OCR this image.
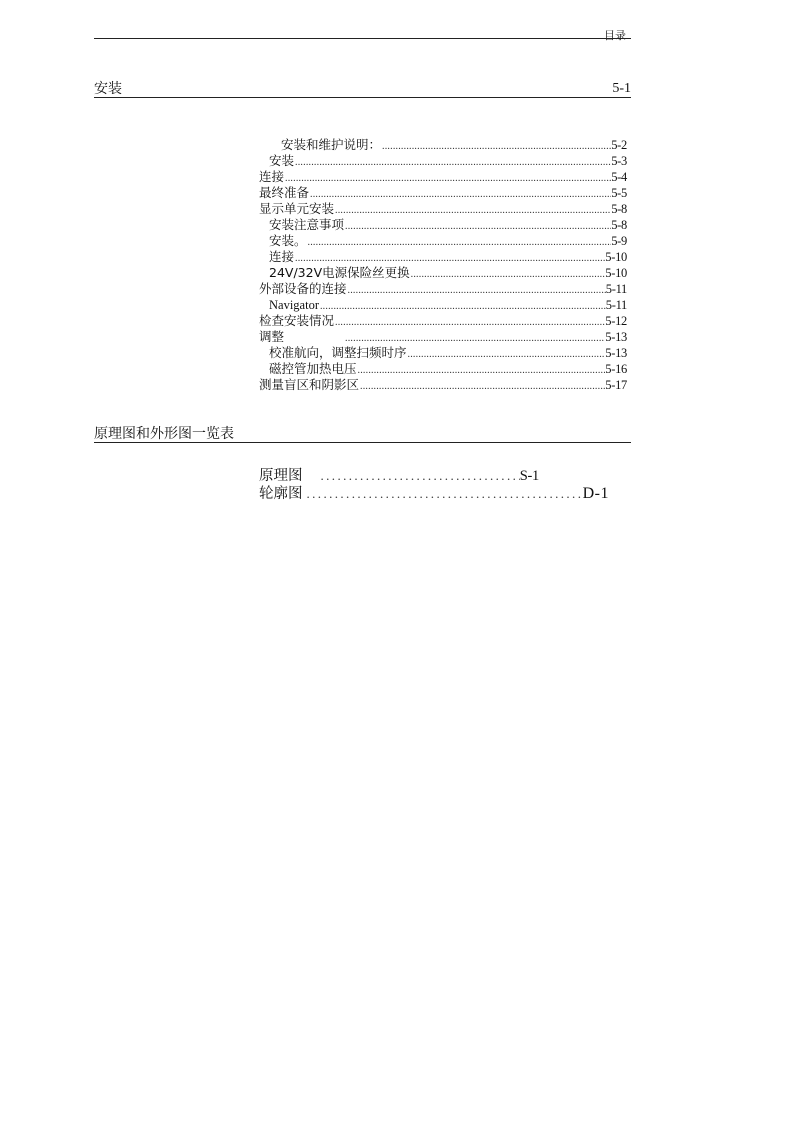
目录
安装	5-1
安装和维护说明： .....	5-2
安装 .....	5-3
连接 .....	5-4
最终准备 .....	5-5
显示单元安装 .....	5-8
安装注意事项 .....	5-8
安装。 .....	5-9
连接 .....	5-10
24V/32V电源保险丝更换 .....	5-10
外部设备的连接 .....	5-11
Navigator .....	5-11
检查安装情况 .....	5-12
调整 .....	5-13
校准航向，调整扫频时序 .....	5-13
磁控管加热电压 .....	5-16
测量盲区和阴影区 .....	5-17
原理图和外形图一览表
原理图 .....	S-1
轮廓图 .....	D-1
